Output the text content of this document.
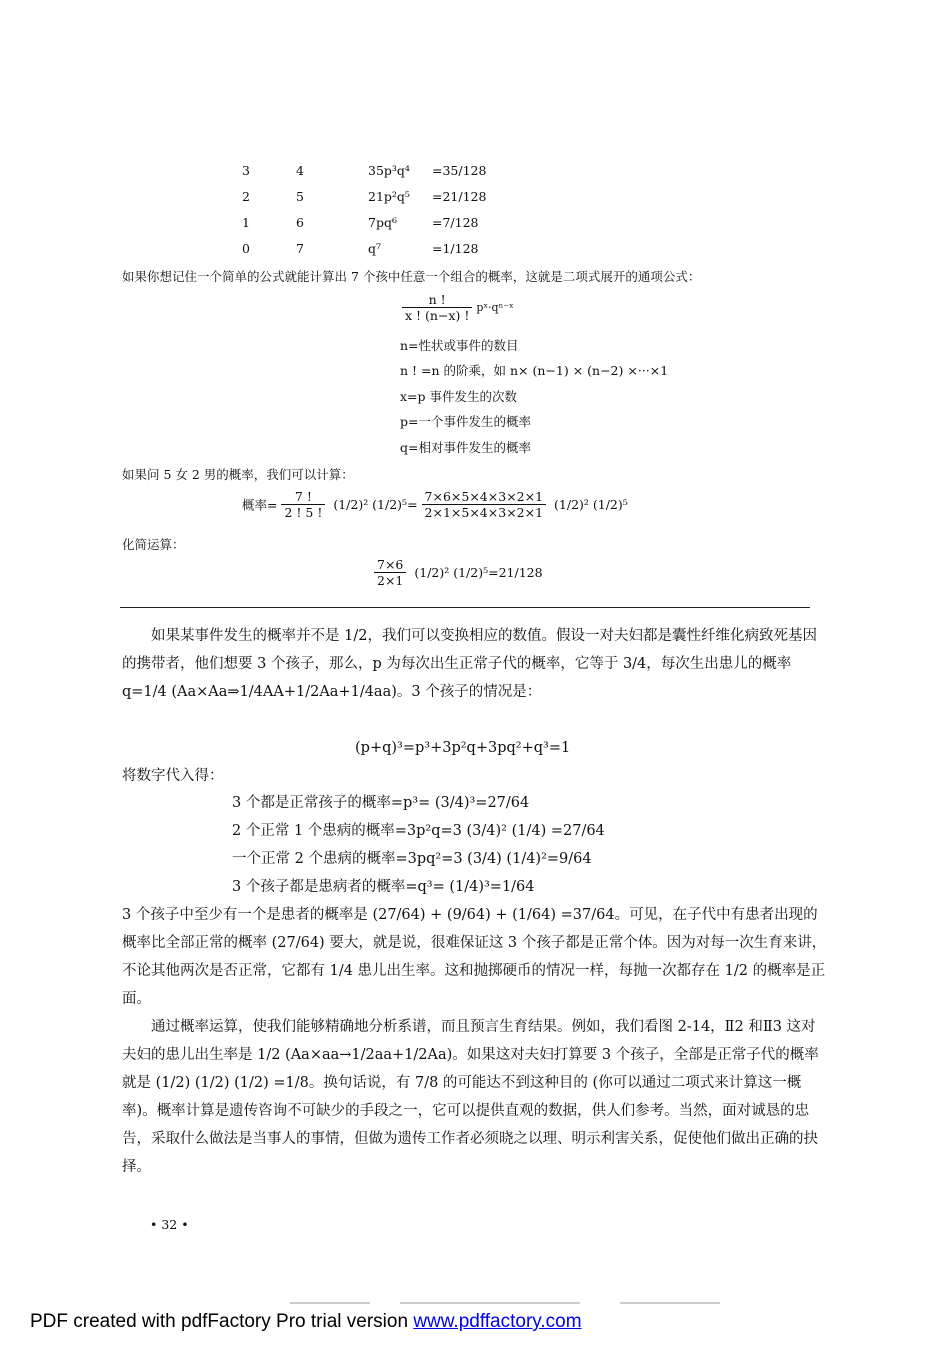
3	4	35p³q⁴ =35/128
2	5	21p²q⁵ =21/128
1	6	7pq⁶	=7/128
0	7	q⁷	=1/128
如果你想记住一个简单的公式就能计算出 7 个孩中任意一个组合的概率，这就是二项式展开的通项公式：
$\frac{n !}{x ! (n-x) !}$ pˣ·qⁿ⁻ˣ
n=性状或事件的数目
n ! =n 的阶乘，如 n× (n−1) × (n−2) ×···×1
x=p 事件发生的次数
p=一个事件发生的概率
q=相对事件发生的概率
如果问 5 女 2 男的概率，我们可以计算：
概率= $\frac{7 !}{2 ! 5 !} (1/2)^2$ $(1/2)^5= \frac{7\times 6\times 5\times 4\times 3\times 2\times 1}{2\times 1\times 5\times 4\times 3\times 2\times 1} (1/2)^2$ (1/2)⁵
化简运算：
$\frac{7\times 6}{2\times 1} (1/2)^2$ (1/2)⁵=21/128
如果某事件发生的概率并不是 1/2，我们可以变换相应的数值。假设一对夫妇都是囊性纤维化病致死基因的携带者，他们想要 3 个孩子，那么，p 为每次出生正常子代的概率，它等于 3/4，每次生出患儿的概率 q=1/4 (Aa×Aa⇒1/4AA+1/2Aa+1/4aa)。3 个孩子的情况是：
(p+q)³=p³+3p²q+3pq²+q³=1
将数字代入得：
3 个都是正常孩子的概率=p³= (3/4)³=27/64
2 个正常 1 个患病的概率=3p²q=3 (3/4)² (1/4) =27/64
一个正常 2 个患病的概率=3pq²=3 (3/4) (1/4)²=9/64
3 个孩子都是患病者的概率=q³= (1/4)³=1/64
3 个孩子中至少有一个是患者的概率是 (27/64) + (9/64) + (1/64) =37/64。可见，在子代中有患者出现的概率比全部正常的概率 (27/64) 要大，就是说，很难保证这 3 个孩子都是正常个体。因为对每一次生育来讲，不论其他两次是否正常，它都有 1/4 患儿出生率。这和抛掷硬币的情况一样，每抛一次都存在 1/2 的概率是正面。
通过概率运算，使我们能够精确地分析系谱，而且预言生育结果。例如，我们看图 2-14，Ⅱ2 和Ⅱ3 这对夫妇的患儿出生率是 1/2 (Aa×aa→1/2aa+1/2Aa)。如果这对夫妇打算要 3 个孩子，全部是正常子代的概率就是 (1/2) (1/2) (1/2) =1/8。换句话说，有 7/8 的可能达不到这种目的 (你可以通过二项式来计算这一概率)。概率计算是遗传咨询不可缺少的手段之一，它可以提供直观的数据，供人们参考。当然，面对诚恳的忠告，采取什么做法是当事人的事情，但做为遗传工作者必须晓之以理、明示利害关系，促使他们做出正确的抉择。
• 32 •
PDF created with pdfFactory Pro trial version www.pdffactory.com
